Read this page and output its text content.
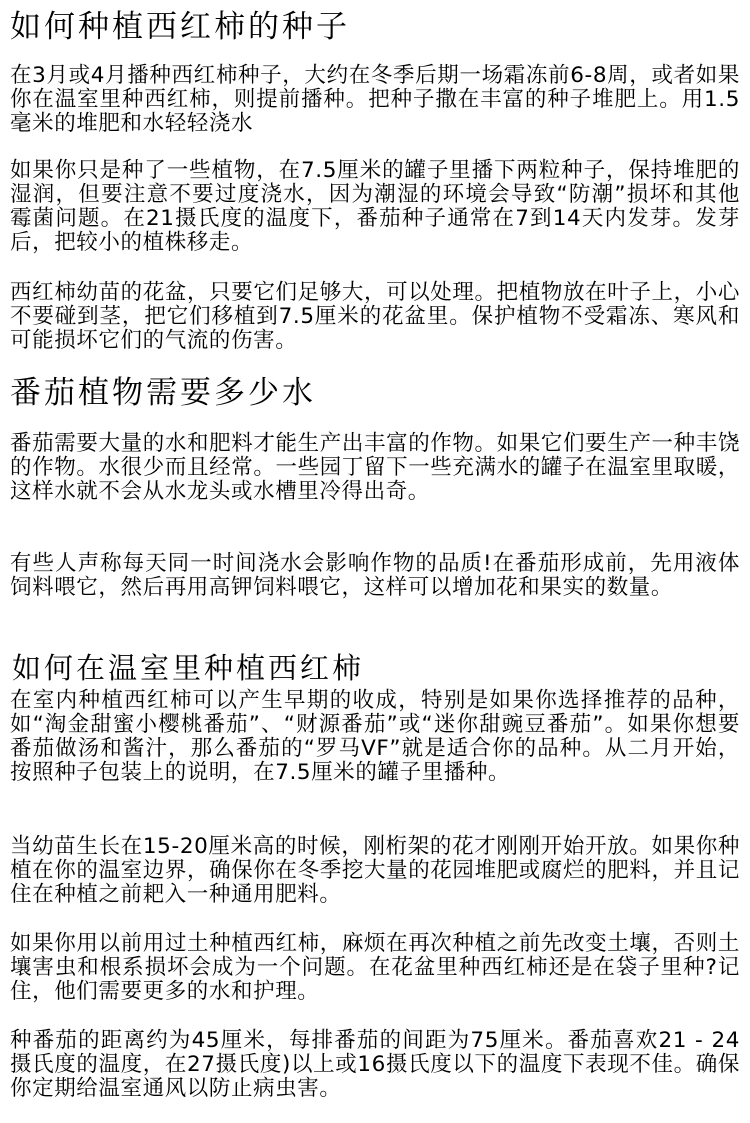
如何种植西红柿的种子

在3月或4月播种西红柿种子，大约在冬季后期一场霜冻前6-8周，或者如果你在温室里种西红柿，则提前播种。把种子撒在丰富的种子堆肥上。用1.5毫米的堆肥和水轻轻浇水

如果你只是种了一些植物，在7.5厘米的罐子里播下两粒种子，保持堆肥的湿润，但要注意不要过度浇水，因为潮湿的环境会导致“防潮”损坏和其他霉菌问题。在21摄氏度的温度下，番茄种子通常在7到14天内发芽。发芽后，把较小的植株移走。

西红柿幼苗的花盆，只要它们足够大，可以处理。把植物放在叶子上，小心不要碰到茎，把它们移植到7.5厘米的花盆里。保护植物不受霜冻、寒风和可能损坏它们的气流的伤害。

番茄植物需要多少水

番茄需要大量的水和肥料才能生产出丰富的作物。如果它们要生产一种丰饶的作物。水很少而且经常。一些园丁留下一些充满水的罐子在温室里取暖，这样水就不会从水龙头或水槽里冷得出奇。

有些人声称每天同一时间浇水会影响作物的品质!在番茄形成前，先用液体饲料喂它，然后再用高钾饲料喂它，这样可以增加花和果实的数量。

如何在温室里种植西红柿

在室内种植西红柿可以产生早期的收成，特别是如果你选择推荐的品种，如“淘金甜蜜小樱桃番茄”、“财源番茄”或“迷你甜豌豆番茄”。如果你想要番茄做汤和酱汁，那么番茄的“罗马VF”就是适合你的品种。从二月开始，按照种子包装上的说明，在7.5厘米的罐子里播种。

当幼苗生长在15-20厘米高的时候，刚桁架的花才刚刚开始开放。如果你种植在你的温室边界，确保你在冬季挖大量的花园堆肥或腐烂的肥料，并且记住在种植之前耙入一种通用肥料。

如果你用以前用过土种植西红柿，麻烦在再次种植之前先改变土壤，否则土壤害虫和根系损坏会成为一个问题。在花盆里种西红柿还是在袋子里种?记住，他们需要更多的水和护理。

种番茄的距离约为45厘米，每排番茄的间距为75厘米。番茄喜欢21 - 24摄氏度的温度，在27摄氏度)以上或16摄氏度以下的温度下表现不佳。确保你定期给温室通风以防止病虫害。
